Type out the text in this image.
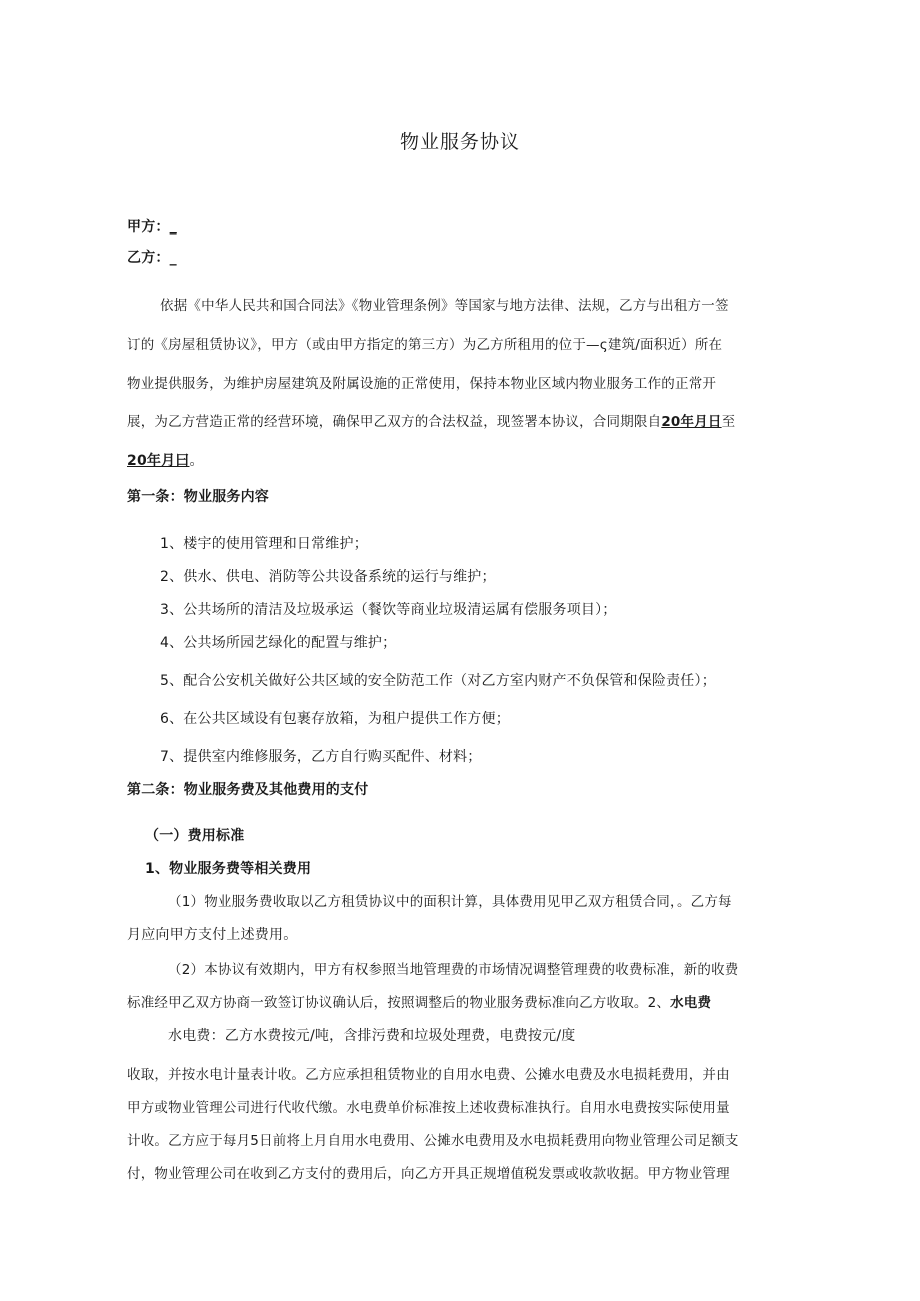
物业服务协议
甲方：_
乙方：_
依据《中华人民共和国合同法》《物业管理条例》等国家与地方法律、法规，乙方与出租方一签
订的《房屋租赁协议》，甲方（或由甲方指定的第三方）为乙方所租用的位于—ς建筑/面积近）所在
物业提供服务，为维护房屋建筑及附属设施的正常使用，保持本物业区域内物业服务工作的正常开
展，为乙方营造正常的经营环境，确保甲乙双方的合法权益，现签署本协议，合同期限自20年月日至
20年月曰。
第一条：物业服务内容
1、楼宇的使用管理和日常维护；
2、供水、供电、消防等公共设备系统的运行与维护；
3、公共场所的清洁及垃圾承运（餐饮等商业垃圾清运属有偿服务项目）；
4、公共场所园艺绿化的配置与维护；
5、配合公安机关做好公共区域的安全防范工作（对乙方室内财产不负保管和保险责任）；
6、在公共区域设有包裹存放箱，为租户提供工作方便；
7、提供室内维修服务，乙方自行购买配件、材料；
第二条：物业服务费及其他费用的支付
（一）费用标准
1、物业服务费等相关费用
（1）物业服务费收取以乙方租赁协议中的面积计算，具体费用见甲乙双方租赁合同，。乙方每
月应向甲方支付上述费用。
（2）本协议有效期内，甲方有权参照当地管理费的市场情况调整管理费的收费标准，新的收费
标准经甲乙双方协商一致签订协议确认后，按照调整后的物业服务费标准向乙方收取。2、水电费
水电费：乙方水费按元/吨，含排污费和垃圾处理费，电费按元/度
收取，并按水电计量表计收。乙方应承担租赁物业的自用水电费、公摊水电费及水电损耗费用，并由
甲方或物业管理公司进行代收代缴。水电费单价标准按上述收费标准执行。自用水电费按实际使用量
计收。乙方应于每月5日前将上月自用水电费用、公摊水电费用及水电损耗费用向物业管理公司足额支
付，物业管理公司在收到乙方支付的费用后，向乙方开具正规增值税发票或收款收据。甲方物业管理
